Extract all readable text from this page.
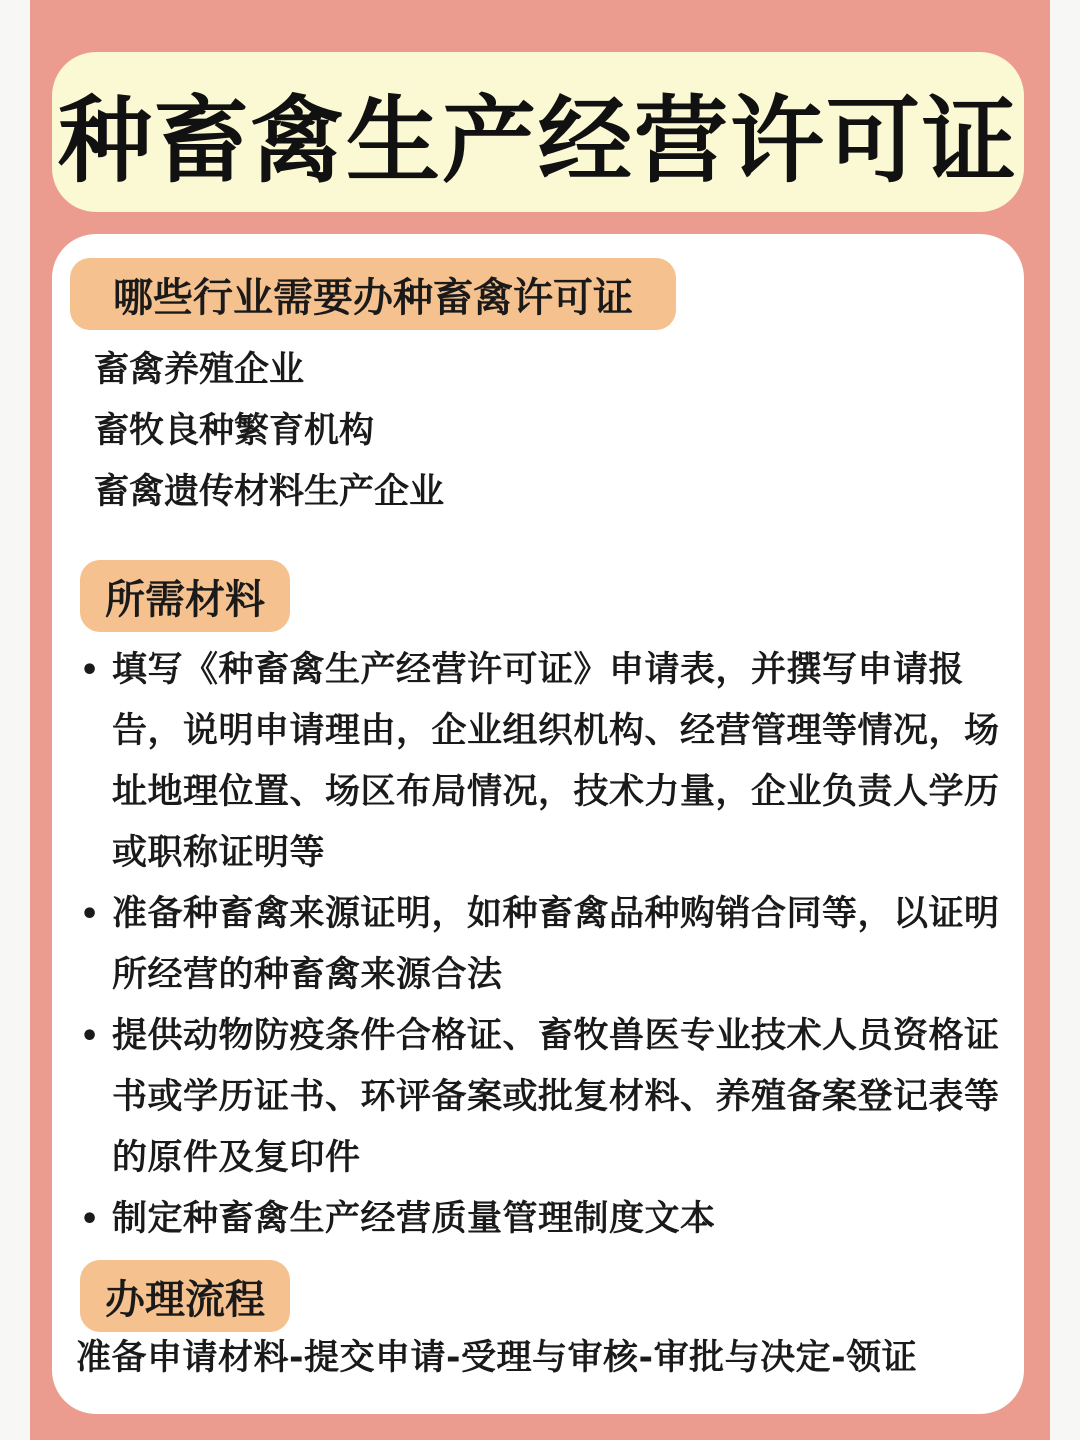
种畜禽生产经营许可证
哪些行业需要办种畜禽许可证
畜禽养殖企业
畜牧良种繁育机构
畜禽遗传材料生产企业
所需材料
• 填写《种畜禽生产经营许可证》申请表，并撰写申请报告，说明申请理由，企业组织机构、经营管理等情况，场址地理位置、场区布局情况，技术力量，企业负责人学历或职称证明等
• 准备种畜禽来源证明，如种畜禽品种购销合同等，以证明所经营的种畜禽来源合法
• 提供动物防疫条件合格证、畜牧兽医专业技术人员资格证书或学历证书、环评备案或批复材料、养殖备案登记表等的原件及复印件
• 制定种畜禽生产经营质量管理制度文本
办理流程

准备申请材料-提交申请-受理与审核-审批与决定-领证
